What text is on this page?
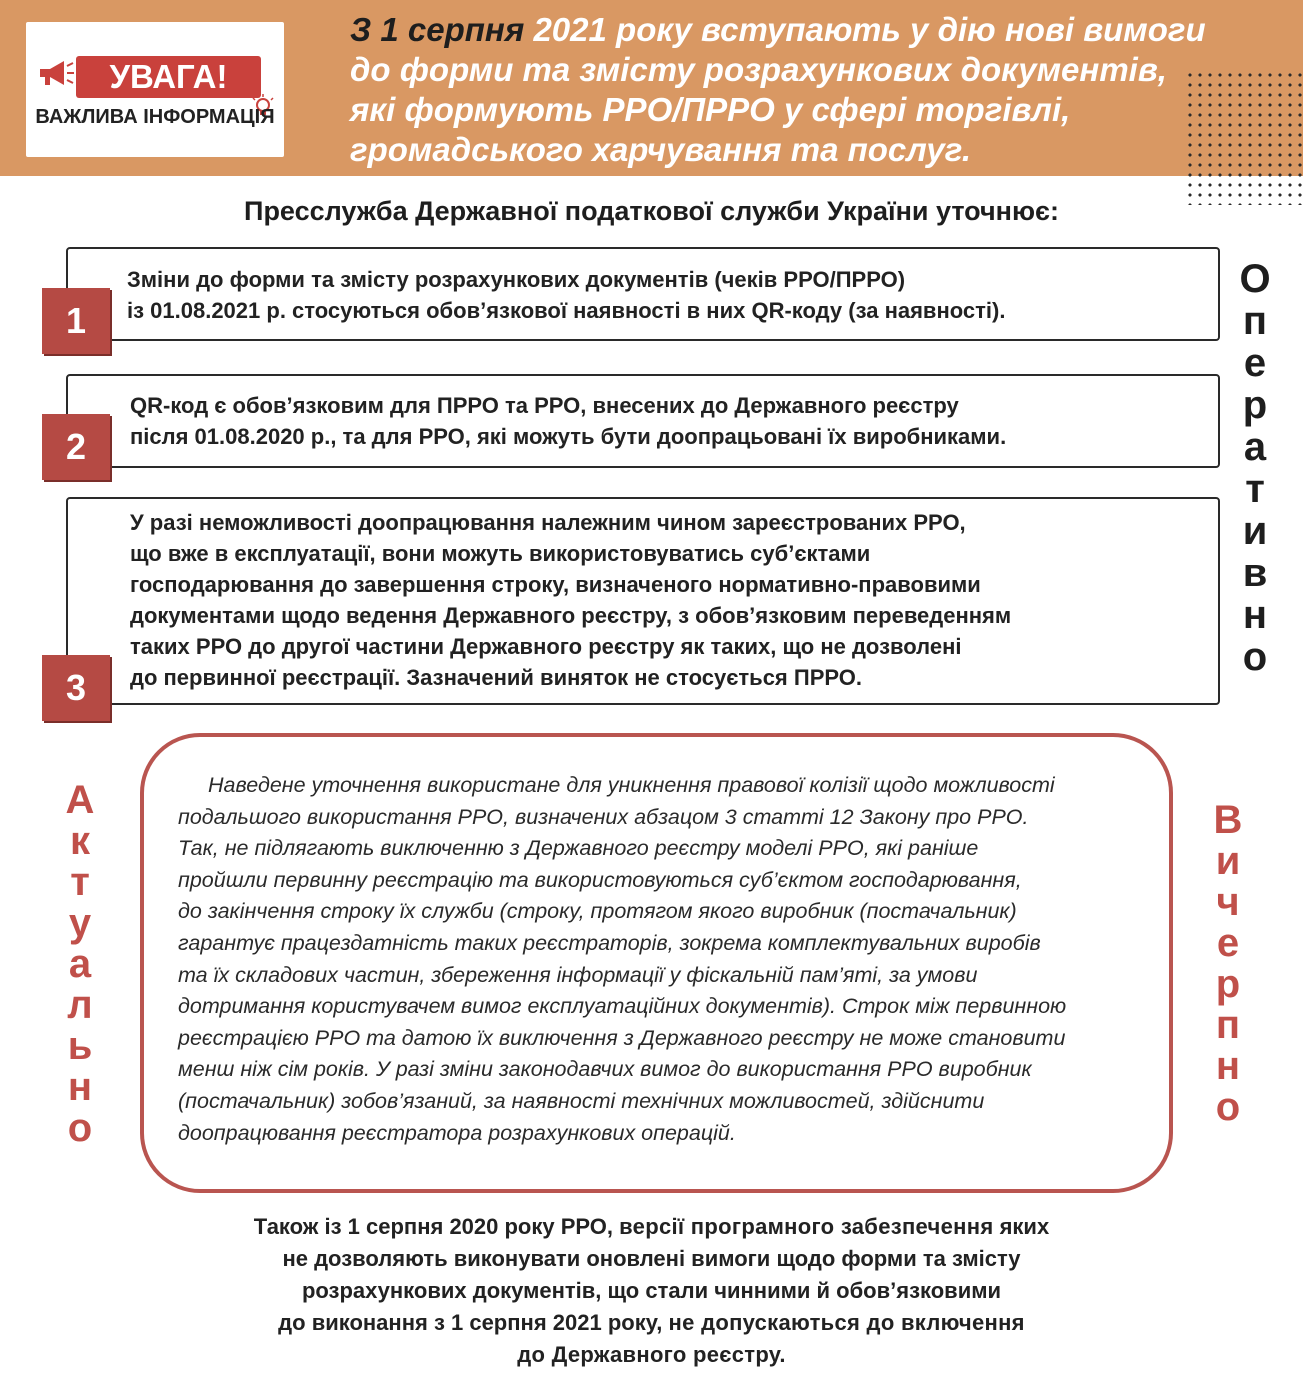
УВАГА!
ВАЖЛИВА ІНФОРМАЦІЯ
З 1 серпня 2021 року вступають у дію нові вимоги
до форми та змісту розрахункових документів,
які формують РРО/ПРРО у сфері торгівлі,
громадського харчування та послуг.
Пресслужба Державної податкової служби України уточнює:
1
Зміни до форми та змісту розрахункових документів (чеків РРО/ПРРО)
із 01.08.2021 р. стосуються обов’язкової наявності в них QR-коду (за наявності).
2
QR-код є обов’язковим для ПРРО та РРО, внесених до Державного реєстру
після 01.08.2020 р., та для РРО, які можуть бути доопрацьовані їх виробниками.
3
У разі неможливості доопрацювання належним чином зареєстрованих РРО,
що вже в експлуатації, вони можуть використовуватись суб’єктами
господарювання до завершення строку, визначеного нормативно-правовими
документами щодо ведення Державного реєстру, з обов’язковим переведенням
таких РРО до другої частини Державного реєстру як таких, що не дозволені
до первинної реєстрації. Зазначений виняток не стосується ПРРО.
О
п
е
р
а
т
и
в
н
о
А
к
т
у
а
л
ь
н
о
В
и
ч
е
р
п
н
о
Наведене уточнення використане для уникнення правової колізії щодо можливості
подальшого використання РРО, визначених абзацом 3 статті 12 Закону про РРО.
Так, не підлягають виключенню з Державного реєстру моделі РРО, які раніше
пройшли первинну реєстрацію та використовуються суб’єктом господарювання,
до закінчення строку їх служби (строку, протягом якого виробник (постачальник)
гарантує працездатність таких реєстраторів, зокрема комплектувальних виробів
та їх складових частин, збереження інформації у фіскальній пам’яті, за умови
дотримання користувачем вимог експлуатаційних документів). Строк між первинною
реєстрацією РРО та датою їх виключення з Державного реєстру не може становити
менш ніж сім років. У разі зміни законодавчих вимог до використання РРО виробник
(постачальник) зобов’язаний, за наявності технічних можливостей, здійснити
доопрацювання реєстратора розрахункових операцій.
Також із 1 серпня 2020 року РРО, версії програмного забезпечення яких
не дозволяють виконувати оновлені вимоги щодо форми та змісту
розрахункових документів, що стали чинними й обов’язковими
до виконання з 1 серпня 2021 року, не допускаються до включення
до Державного реєстру.
